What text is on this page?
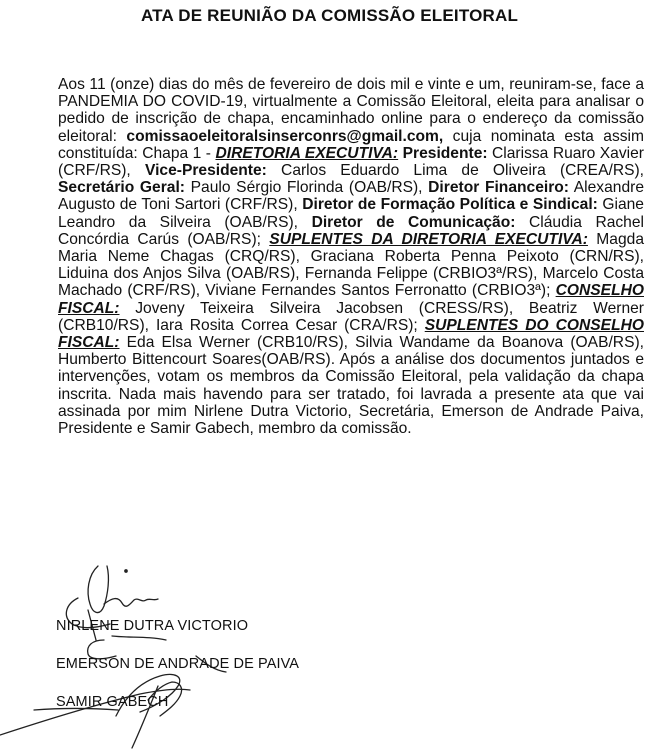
ATA DE REUNIÃO DA COMISSÃO ELEITORAL
Aos 11 (onze) dias do mês de fevereiro de dois mil e vinte e um, reuniram-se, face a PANDEMIA DO COVID-19, virtualmente a Comissão Eleitoral, eleita para analisar o pedido de inscrição de chapa, encaminhado online para o endereço da comissão eleitoral: comissaoeleitoralsinserconrs@gmail.com, cuja nominata esta assim constituída: Chapa 1 - DIRETORIA EXECUTIVA: Presidente: Clarissa Ruaro Xavier (CRF/RS), Vice-Presidente: Carlos Eduardo Lima de Oliveira (CREA/RS), Secretário Geral: Paulo Sérgio Florinda (OAB/RS), Diretor Financeiro: Alexandre Augusto de Toni Sartori (CRF/RS), Diretor de Formação Política e Sindical: Giane Leandro da Silveira (OAB/RS), Diretor de Comunicação: Cláudia Rachel Concórdia Carús (OAB/RS); SUPLENTES DA DIRETORIA EXECUTIVA: Magda Maria Neme Chagas (CRQ/RS), Graciana Roberta Penna Peixoto (CRN/RS), Liduina dos Anjos Silva (OAB/RS), Fernanda Felippe (CRBIO3ª/RS), Marcelo Costa Machado (CRF/RS), Viviane Fernandes Santos Ferronatto (CRBIO3ª); CONSELHO FISCAL: Joveny Teixeira Silveira Jacobsen (CRESS/RS), Beatriz Werner (CRB10/RS), Iara Rosita Correa Cesar (CRA/RS); SUPLENTES DO CONSELHO FISCAL: Eda Elsa Werner (CRB10/RS), Silvia Wandame da Boanova (OAB/RS), Humberto Bittencourt Soares(OAB/RS). Após a análise dos documentos juntados e intervenções, votam os membros da Comissão Eleitoral, pela validação da chapa inscrita. Nada mais havendo para ser tratado, foi lavrada a presente ata que vai assinada por mim Nirlene Dutra Victorio, Secretária, Emerson de Andrade Paiva, Presidente e Samir Gabech, membro da comissão.
NIRLENE DUTRA VICTORIO
EMERSON DE ANDRADE DE PAIVA
SAMIR GABECH
